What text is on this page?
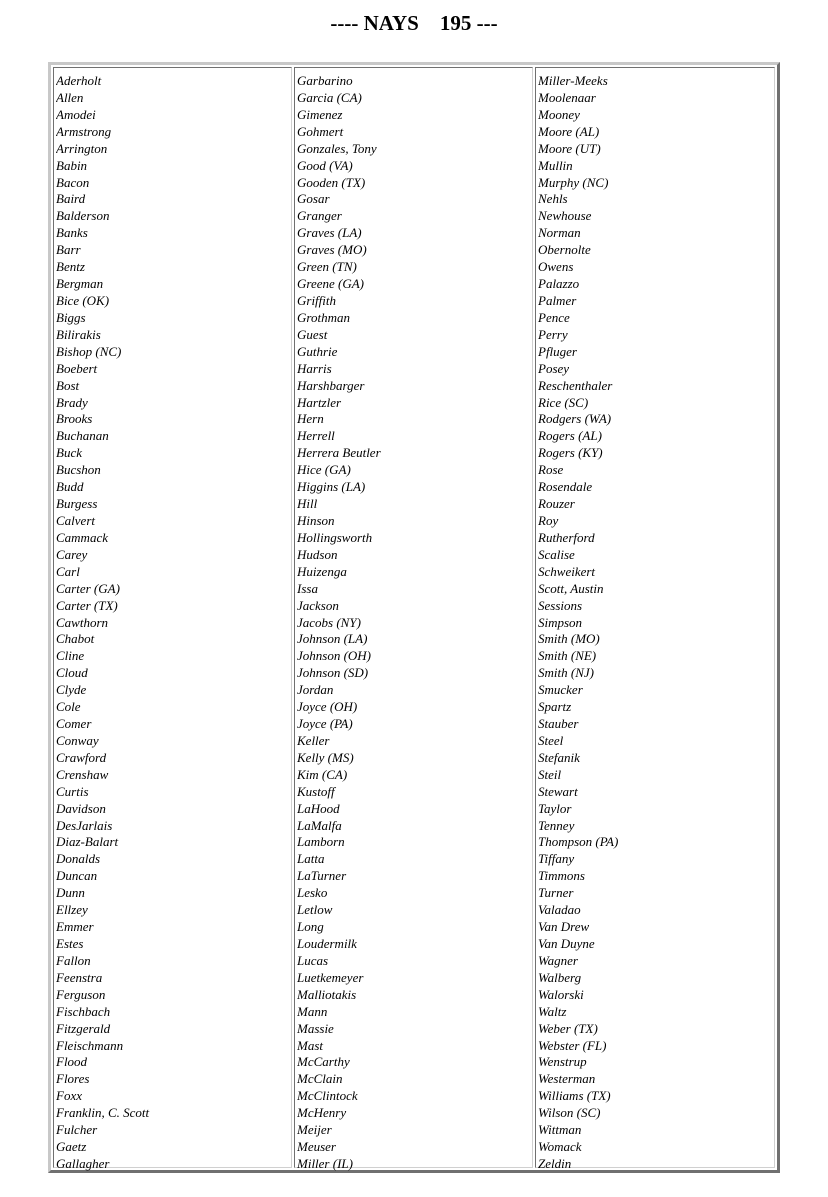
---- NAYS    195 ---
Aderholt
Allen
Amodei
Armstrong
Arrington
Babin
Bacon
Baird
Balderson
Banks
Barr
Bentz
Bergman
Bice (OK)
Biggs
Bilirakis
Bishop (NC)
Boebert
Bost
Brady
Brooks
Buchanan
Buck
Bucshon
Budd
Burgess
Calvert
Cammack
Carey
Carl
Carter (GA)
Carter (TX)
Cawthorn
Chabot
Cline
Cloud
Clyde
Cole
Comer
Conway
Crawford
Crenshaw
Curtis
Davidson
DesJarlais
Diaz-Balart
Donalds
Duncan
Dunn
Ellzey
Emmer
Estes
Fallon
Feenstra
Ferguson
Fischbach
Fitzgerald
Fleischmann
Flood
Flores
Foxx
Franklin, C. Scott
Fulcher
Gaetz
Gallagher
Garbarino
Garcia (CA)
Gimenez
Gohmert
Gonzales, Tony
Good (VA)
Gooden (TX)
Gosar
Granger
Graves (LA)
Graves (MO)
Green (TN)
Greene (GA)
Griffith
Grothman
Guest
Guthrie
Harris
Harshbarger
Hartzler
Hern
Herrell
Herrera Beutler
Hice (GA)
Higgins (LA)
Hill
Hinson
Hollingsworth
Hudson
Huizenga
Issa
Jackson
Jacobs (NY)
Johnson (LA)
Johnson (OH)
Johnson (SD)
Jordan
Joyce (OH)
Joyce (PA)
Keller
Kelly (MS)
Kim (CA)
Kustoff
LaHood
LaMalfa
Lamborn
Latta
LaTurner
Lesko
Letlow
Long
Loudermilk
Lucas
Luetkemeyer
Malliotakis
Mann
Massie
Mast
McCarthy
McClain
McClintock
McHenry
Meijer
Meuser
Miller (IL)
Miller-Meeks
Moolenaar
Mooney
Moore (AL)
Moore (UT)
Mullin
Murphy (NC)
Nehls
Newhouse
Norman
Obernolte
Owens
Palazzo
Palmer
Pence
Perry
Pfluger
Posey
Reschenthaler
Rice (SC)
Rodgers (WA)
Rogers (AL)
Rogers (KY)
Rose
Rosendale
Rouzer
Roy
Rutherford
Scalise
Schweikert
Scott, Austin
Sessions
Simpson
Smith (MO)
Smith (NE)
Smith (NJ)
Smucker
Spartz
Stauber
Steel
Stefanik
Steil
Stewart
Taylor
Tenney
Thompson (PA)
Tiffany
Timmons
Turner
Valadao
Van Drew
Van Duyne
Wagner
Walberg
Walorski
Waltz
Weber (TX)
Webster (FL)
Wenstrup
Westerman
Williams (TX)
Wilson (SC)
Wittman
Womack
Zeldin
